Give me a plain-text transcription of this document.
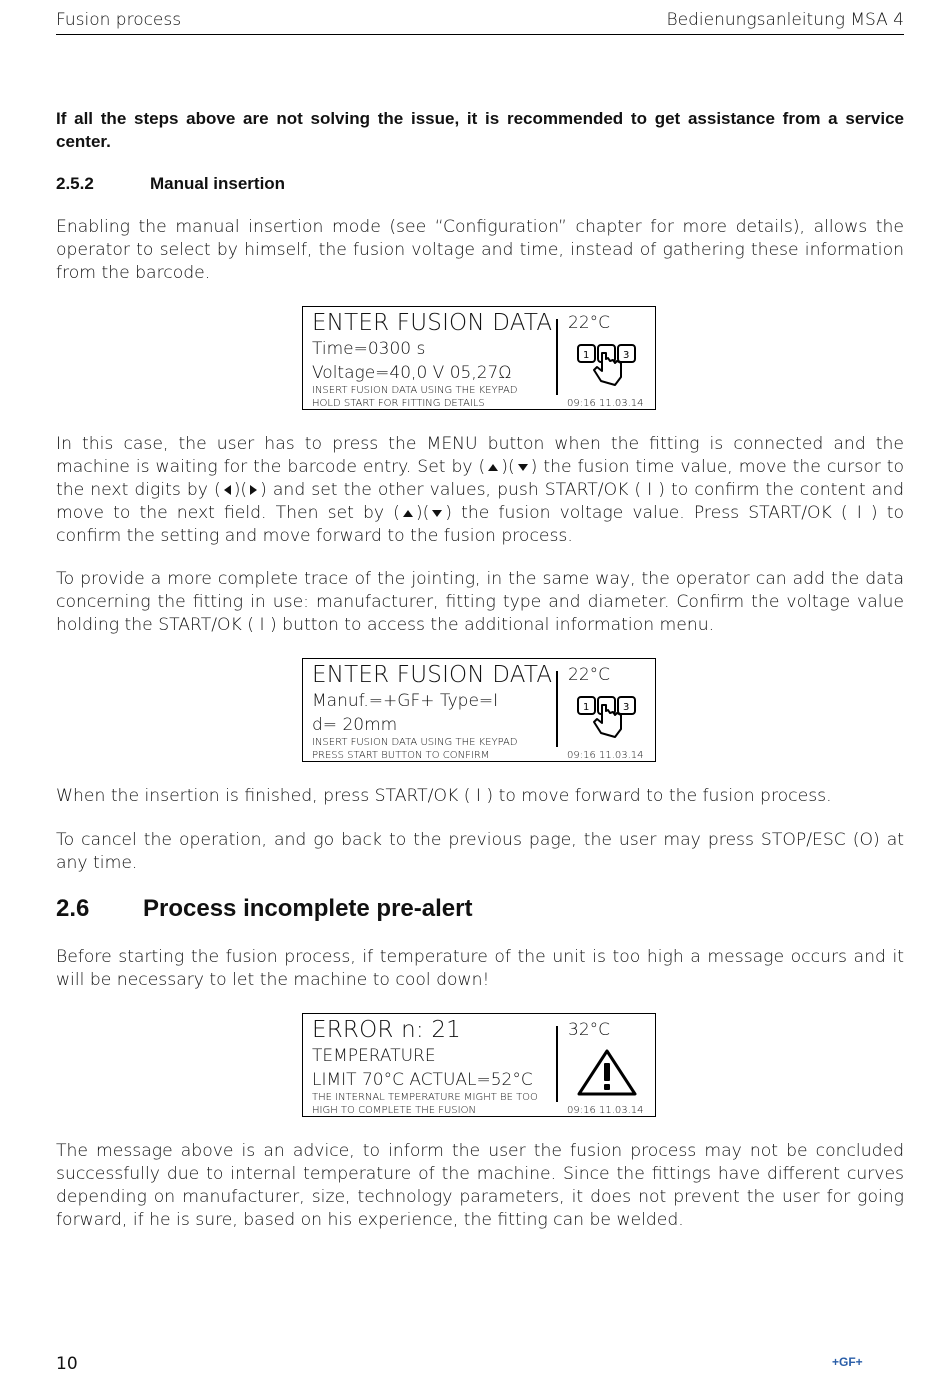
Fusion process	Bedienungsanleitung MSA 4
If all the steps above are not solving the issue, it is recommended to get assistance from a service center.
2.5.2	Manual insertion

Enabling the manual insertion mode (see “Configuration” chapter for more details), allows the operator to select by himself, the fusion voltage and time, instead of gathering these information from the barcode.

ENTER FUSION DATA
Time=0300 s
Voltage=40,0 V 05,27Ω
INSERT FUSION DATA USING THE KEYPAD
HOLD START FOR FITTING DETAILS
22°C
1	3
09:16 11.03.14

In this case, the user has to press the MENU button when the fitting is connected and the machine is waiting for the barcode entry. Set by ( )( ) the fusion time value, move the cursor to the next digits by ( )( ) and set the other values, push START/OK ( I ) to confirm the content and move to the next field. Then set by ( )( ) the fusion voltage value. Press START/OK ( I ) to confirm the setting and move forward to the fusion process.

To provide a more complete trace of the jointing, in the same way, the operator can add the data concerning the fitting in use: manufacturer, fitting type and diameter. Confirm the voltage value holding the START/OK ( I ) button to access the additional information menu.

ENTER FUSION DATA
Manuf.=+GF+ Type=I
d= 20mm
INSERT FUSION DATA USING THE KEYPAD
PRESS START BUTTON TO CONFIRM
22°C
1	3
09:16 11.03.14

When the insertion is finished, press START/OK ( I ) to move forward to the fusion process.

To cancel the operation, and go back to the previous page, the user may press STOP/ESC (O) at any time.

2.6 Process incomplete pre-alert

Before starting the fusion process, if temperature of the unit is too high a message occurs and it will be necessary to let the machine to cool down!

ERROR n: 21
TEMPERATURE
LIMIT 70°C ACTUAL=52°C
THE INTERNAL TEMPERATURE MIGHT BE TOO
HIGH TO COMPLETE THE FUSION
32°C
09:16 11.03.14

The message above is an advice, to inform the user the fusion process may not be concluded successfully due to internal temperature of the machine. Since the fittings have different curves depending on manufacturer, size, technology parameters, it does not prevent the user for going forward, if he is sure, based on his experience, the fitting can be welded.

10	+GF+
